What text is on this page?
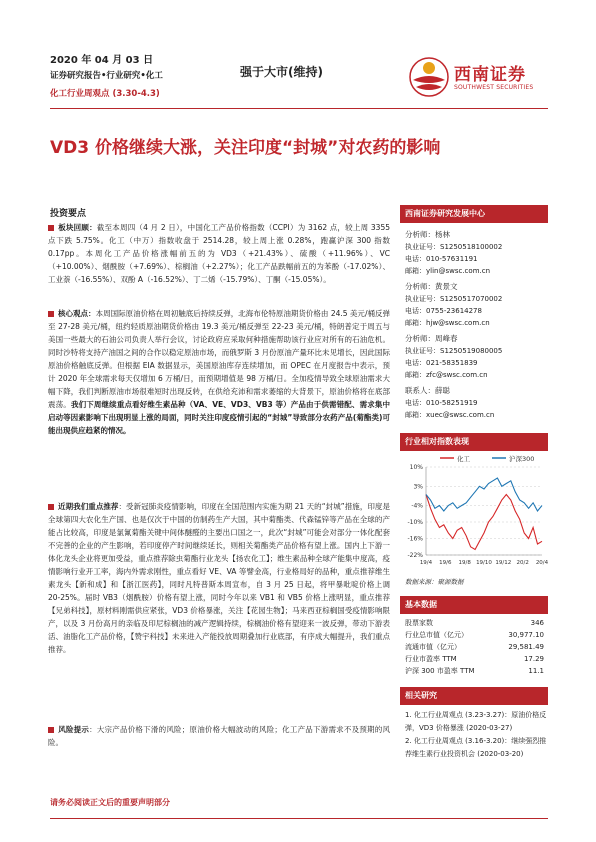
2020 年 04 月 03 日
证券研究报告•行业研究•化工
化工行业周观点 (3.30-4.3)
强于大市(维持)	西南证券
SOUTHWEST SECURITIES
VD3 价格继续大涨，关注印度“封城”对农药的影响
投资要点
板块回顾：截至本周四（4 月 2 日），中国化工产品价格指数（CCPI）为 3162 点，较上周 3355 点下跌 5.75%。化工（中万）指数收盘于 2514.28，较上周上涨 0.28%，跑赢沪深 300 指数 0.17pp。本周化工产品价格涨幅前五的为 VD3（+21.43%）、硫酸（+11.96%）、VC（+10.00%）、烟酰胺（+7.69%）、棕榈油（+2.27%）；化工产品跌幅前五的为苯酚（-17.02%）、工业萘（-16.55%）、双酚 A（-16.52%）、丁二烯（-15.79%）、丁酮（-15.05%）。
核心观点：本周国际原油价格在周初触底后持续反弹，北海布伦特原油期货价格由 24.5 美元/桶反弹至 27-28 美元/桶，纽约轻质原油期货价格由 19.3 美元/桶反弹至 22-23 美元/桶，特朗普定于周五与美国一些最大的石油公司负责人举行会议，讨论政府应采取何种措施帮助该行业应对所有的石油危机。同时沙特将支持产油国之间的合作以稳定原油市场，而俄罗斯 3 月份原油产量环比未见增长，因此国际原油价格触底反弹。但根据 EIA 数据显示，美国原油库存连续增加，而 OPEC 在月度报告中表示，预计 2020 年全球需求每天仅增加 6 万桶/日，而预期增值是 98 万桶/日。全加疫情导致全球原油需求大幅下降，我们判断原油市场很难短时出现反转，在供给充沛和需求萎缩的大背景下，原油价格将在底部震荡。我们下周继续重点看好维生素品种（VA、VE、VD3、VB3 等）产品由于供需错配、需求集中启动等因素影响下出现明显上涨的局面，同时关注印度疫情引起的“封城”导致部分农药产品(菊酯类)可能出现供应趋紧的情况。
近期我们重点推荐：受新冠肺炎疫情影响，印度在全国范围内实施为期 21 天的“封城”措施，印度是全球第四大农化生产国、也是仅次于中国的仿制药生产大国，其中菊酯类、代森锰锌等产品在全球的产能占比较高，印度是氯氰菊酯关键中间体醚醛的主要出口国之一，此次“封城”可能会对部分一体化配套不完善的企业的产生影响，若印度停产时间继续延长，则相关菊酯类产品价格有望上涨。国内上下游一体化龙头企业将更加受益，重点推荐除虫菊酯行业龙头【扬农化工】；维生素品种全球产能集中度高，疫情影响行业开工率，海内外需求刚性，重点看好 VE、VA 等譬金高，行业格局好的品种，重点推荐维生素龙头【新和成】和【浙江医药】，同时凡特普斯本周宣布，自 3 月 25 日起，将甲暴吡啶价格上调 20-25%。届时 VB3（烟酰胺）价格有望上涨，同时今年以来 VB1 和 VB5 价格上涨明显，重点推荐【兄弟科技】，原材料刚需供应紧张，VD3 价格暴涨，关注【花园生物】；马来西亚棕榈国受疫情影响限产，以及 3 月份高月的亲临及印尼棕榈油的减产逻辑持续，棕榈油价格有望迎来一波反弹，带动下游表活、油脂化工产品价格，【赞宇科技】未来进入产能投放周期叠加行业底部，有序成大幅提升，我们重点推荐。
风险提示：大宗产品价格下滑的风险；原油价格大幅波动的风险；化工产品下游需求不及预期的风险。
西南证券研究发展中心
分析师：杨林
执业证号：S1250518100002
电话：010-57631191
邮箱：ylin@swsc.com.cn
分析师：黄景文
执业证号：S1250517070002
电话：0755-23614278
邮箱：hjw@swsc.com.cn
分析师：周峰春
执业证号：S1250519080005
电话：021-58351839
邮箱：zfc@swsc.com.cn
联系人：薛聪
电话：010-58251919
邮箱：xuec@swsc.com.cn
行业相对指数表现
化工	沪深300
10%
3%
-4%
-10%
-16%
-22%
19/4 19/6 19/8 19/10 19/12 20/2 20/4
数据来源：聚源数据
基本数据
股票家数	346
行业总市值（亿元）	30,977.10
流通市值（亿元）	29,581.49
行业市盈率 TTM	17.29
沪深 300 市盈率 TTM	11.1
相关研究
1. 化工行业周观点 (3.23-3.27)：原油价格反弹，VD3 价格暴涨 (2020-03-27)
2. 化工行业周观点 (3.16-3.20)：继续强烈推荐维生素行业投资机会 (2020-03-20)
请务必阅读正文后的重要声明部分
